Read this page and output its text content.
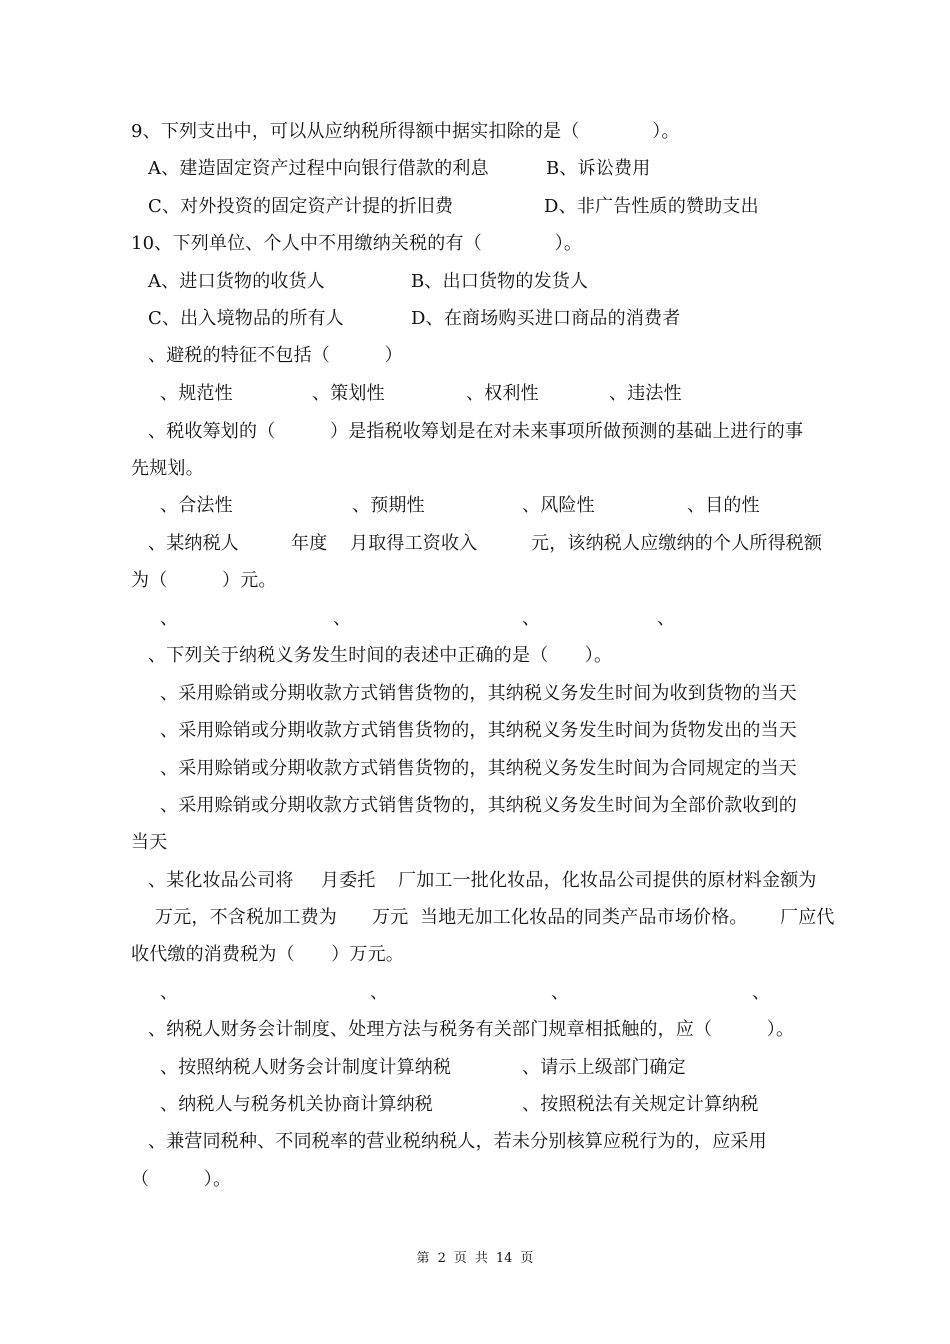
9、下列支出中，可以从应纳税所得额中据实扣除的是（　　　　）。
A、建造固定资产过程中向银行借款的利息	B、诉讼费用
C、对外投资的固定资产计提的折旧费	D、非广告性质的赞助支出
10、下列单位、个人中不用缴纳关税的有（　　　　）。
A、进口货物的收货人	B、出口货物的发货人
C、出入境物品的所有人	D、在商场购买进口商品的消费者
、避税的特征不包括（　　　）
、规范性	、策划性	、权利性	、违法性
、税收筹划的（　　　）是指税收筹划是在对未来事项所做预测的基础上进行的事
先规划。
、合法性	、预期性	、风险性	、目的性
、某纳税人	年度 月取得工资收入	元，该纳税人应缴纳的个人所得税额
为（　　　）元。
、	、	、	、
、下列关于纳税义务发生时间的表述中正确的是（　　）。
、采用赊销或分期收款方式销售货物的，其纳税义务发生时间为收到货物的当天
、采用赊销或分期收款方式销售货物的，其纳税义务发生时间为货物发出的当天
、采用赊销或分期收款方式销售货物的，其纳税义务发生时间为合同规定的当天
、采用赊销或分期收款方式销售货物的，其纳税义务发生时间为全部价款收到的
当天
、某化妆品公司将 月委托 厂加工一批化妆品，化妆品公司提供的原材料金额为
万元，不含税加工费为 万元 当地无加工化妆品的同类产品市场价格。 厂应代
收代缴的消费税为（　　）万元。
、	、	、	、
、纳税人财务会计制度、处理方法与税务有关部门规章相抵触的，应（　　　）。
、按照纳税人财务会计制度计算纳税	、请示上级部门确定
、纳税人与税务机关协商计算纳税	、按照税法有关规定计算纳税
、兼营同税种、不同税率的营业税纳税人，若未分别核算应税行为的，应采用
（　　　）。
第 2 页 共 14 页
